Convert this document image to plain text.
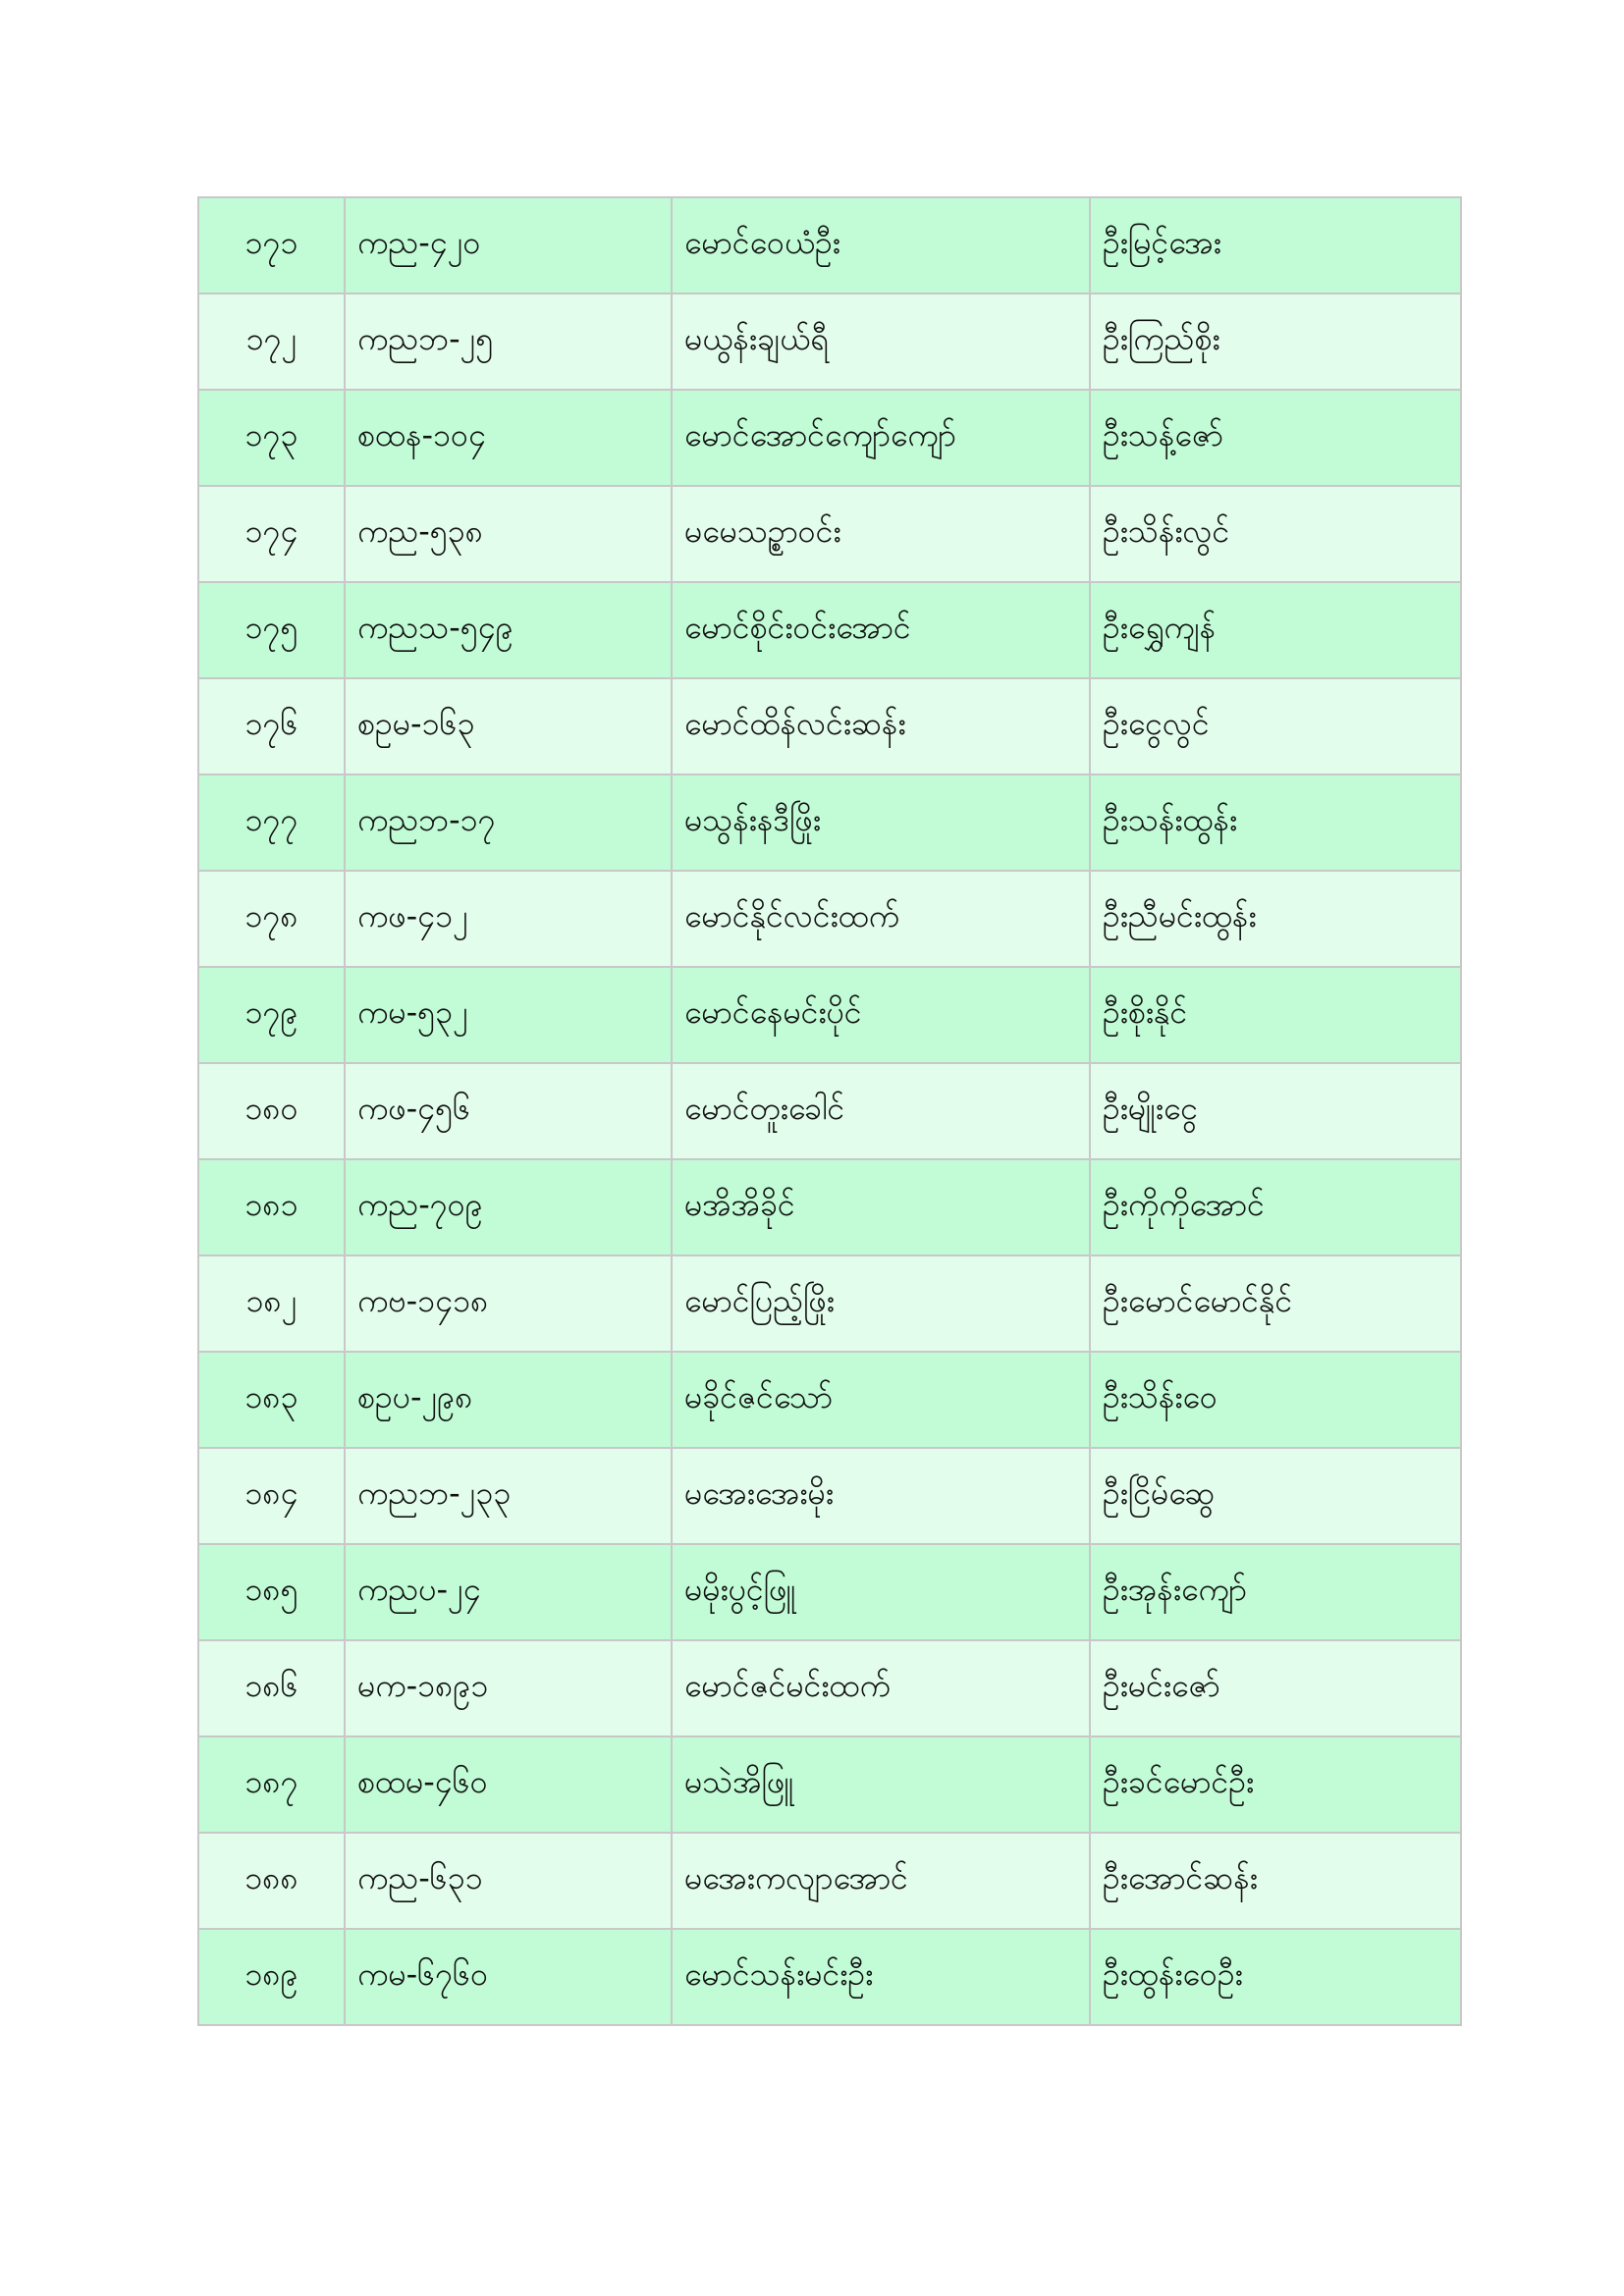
၁၇၁	ကည-၄၂၀	မောင်ဝေယံဦး	ဦးမြင့်အေး
၁၇၂	ကညဘ-၂၅	မယွန်းချယ်ရီ	ဦးကြည်စိုး
၁၇၃	စထန-၁၀၄	မောင်အောင်ကျော်ကျော်	ဦးသန့်ဇော်
၁၇၄	ကည-၅၃၈	မမေသဥ္စာဝင်း	ဦးသိန်းလွင်
၁၇၅	ကညသ-၅၄၉	မောင်စိုင်းဝင်းအောင်	ဦးရွှေကျန်
၁၇၆	စဥမ-၁၆၃	မောင်ထိန်လင်းဆန်း	ဦးငွေလွင်
၁၇၇	ကညဘ-၁၇	မသွန်းနဒီဖြိုး	ဦးသန်းထွန်း
၁၇၈	ကဖ-၄၁၂	မောင်နိုင်လင်းထက်	ဦးညီမင်းထွန်း
၁၇၉	ကမ-၅၃၂	မောင်နေမင်းပိုင်	ဦးစိုးနိုင်
၁၈၀	ကဖ-၄၅၆	မောင်တူးခေါင်	ဦးမျိုးငွေ
၁၈၁	ကည-၇၀၉	မအိအိခိုင်	ဦးကိုကိုအောင်
၁၈၂	ကဗ-၁၄၁၈	မောင်ပြည့်ဖြိုး	ဦးမောင်မောင်နိုင်
၁၈၃	စဥပ-၂၉၈	မခိုင်ဇင်သော်	ဦးသိန်းဝေ
၁၈၄	ကညဘ-၂၃၃	မအေးအေးမိုး	ဦးငြိမ်ဆွေ
၁၈၅	ကညပ-၂၄	မမိုးပွင့်ဖြူ	ဦးအုန်းကျော်
၁၈၆	မက-၁၈၉၁	မောင်ဇင်မင်းထက်	ဦးမင်းဇော်
၁၈၇	စထမ-၄၆၀	မသဲအိဖြူ	ဦးခင်မောင်ဦး
၁၈၈	ကည-၆၃၁	မအေးကလျာအောင်	ဦးအောင်ဆန်း
၁၈၉	ကမ-၆၇၆၀	မောင်သန်းမင်းဦး	ဦးထွန်းဝေဦး
